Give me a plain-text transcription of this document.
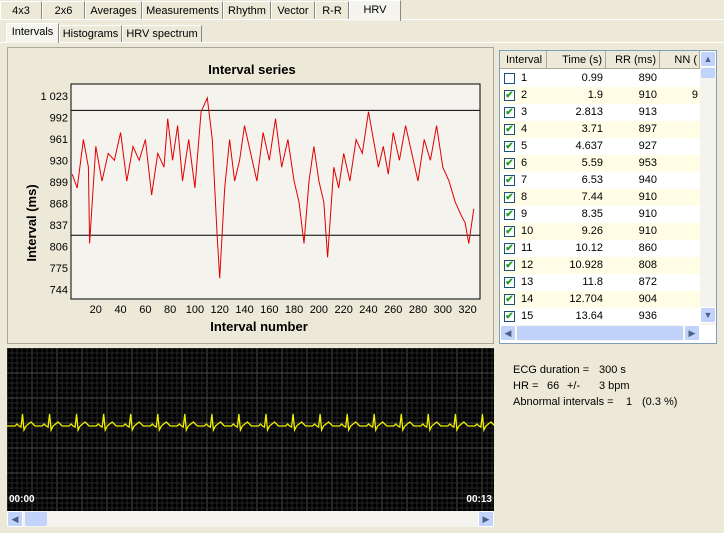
4x3	2x6	Averages Measurements Rhythm	Vector	R-R	HRV
Intervals Histograms HRV spectrum
Interval series
Interval number
Interval (ms)
744
775
806
837
868
899
930
961
992
1 023
20 40 60 80 100 120 140 160 180 200 220 240 260 280 300 320
Interval	Time (s)	RR (ms)	NN (
1	0.99	890
✔ 2	1.9	910	9
✔ 3	2.813	913
✔ 4	3.71	897
✔ 5	4.637	927
✔ 6	5.59	953
✔ 7	6.53	940
✔ 8	7.44	910
✔ 9	8.35	910
✔ 10	9.26	910
✔ 11	10.12	860
✔ 12	10.928	808
✔ 13	11.8	872
✔ 14	12.704	904
✔ 15	13.64	936
▲
▼
◀	▶
00:00	00:13
◀	▶
ECG duration = 300 s
HR = 66 +/- 3 bpm
Abnormal intervals = 1 (0.3 %)
